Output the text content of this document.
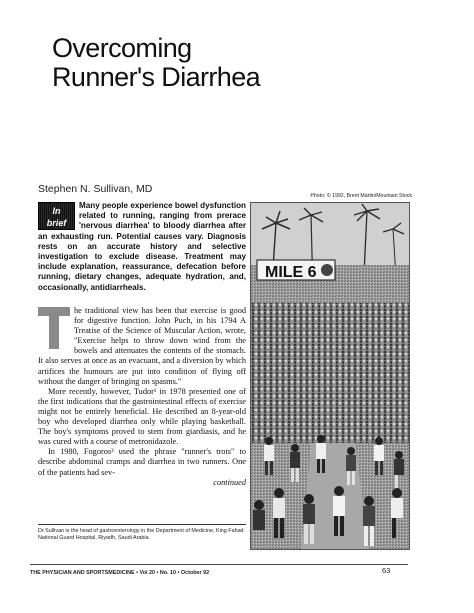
Overcoming
Runner's Diarrhea
Stephen N. Sullivan, MD
Photo: © 1992, Brent Martin/Mountain Stock
In
brief
Many people experience bowel dysfunction related to running, ranging from prerace 'nervous diarrhea' to bloody diarrhea after an exhausting run. Potential causes vary. Diagnosis rests on an accurate history and selective investigation to exclude disease. Treatment may include explanation, reassurance, defecation before running, dietary changes, adequate hydration, and, occasionally, antidiarrheals.

he traditional view has been that exercise is good for digestive function. John Puch, in his 1794 A Treatise of the Science of Muscular Action, wrote, "Exercise helps to throw down wind from the bowels and attenuates the contents of the stomach. It also serves at once as an evacuant, and a diversion by which artifices the humours are put into condition of flying off without the danger of bringing on spasms."

More recently, however, Tudor¹ in 1978 presented one of the first indications that the gastrointestinal effects of exercise might not be entirely beneficial. He described an 8-year-old boy who developed diarrhea only while playing basketball. The boy's symptoms proved to stem from giardiasis, and he was cured with a course of metronidazole.

In 1980, Fogoros² used the phrase "runner's trots" to describe abdominal cramps and diarrhea in two runners. One of the patients had sev-

continued
Dr Sullivan is the head of gastroenterology in the Department of Medicine, King Fahad National Guard Hospital, Riyadh, Saudi Arabia.
MILE 6
THE PHYSICIAN AND SPORTSMEDICINE • Vol 20 • No. 10 • October 92	63
